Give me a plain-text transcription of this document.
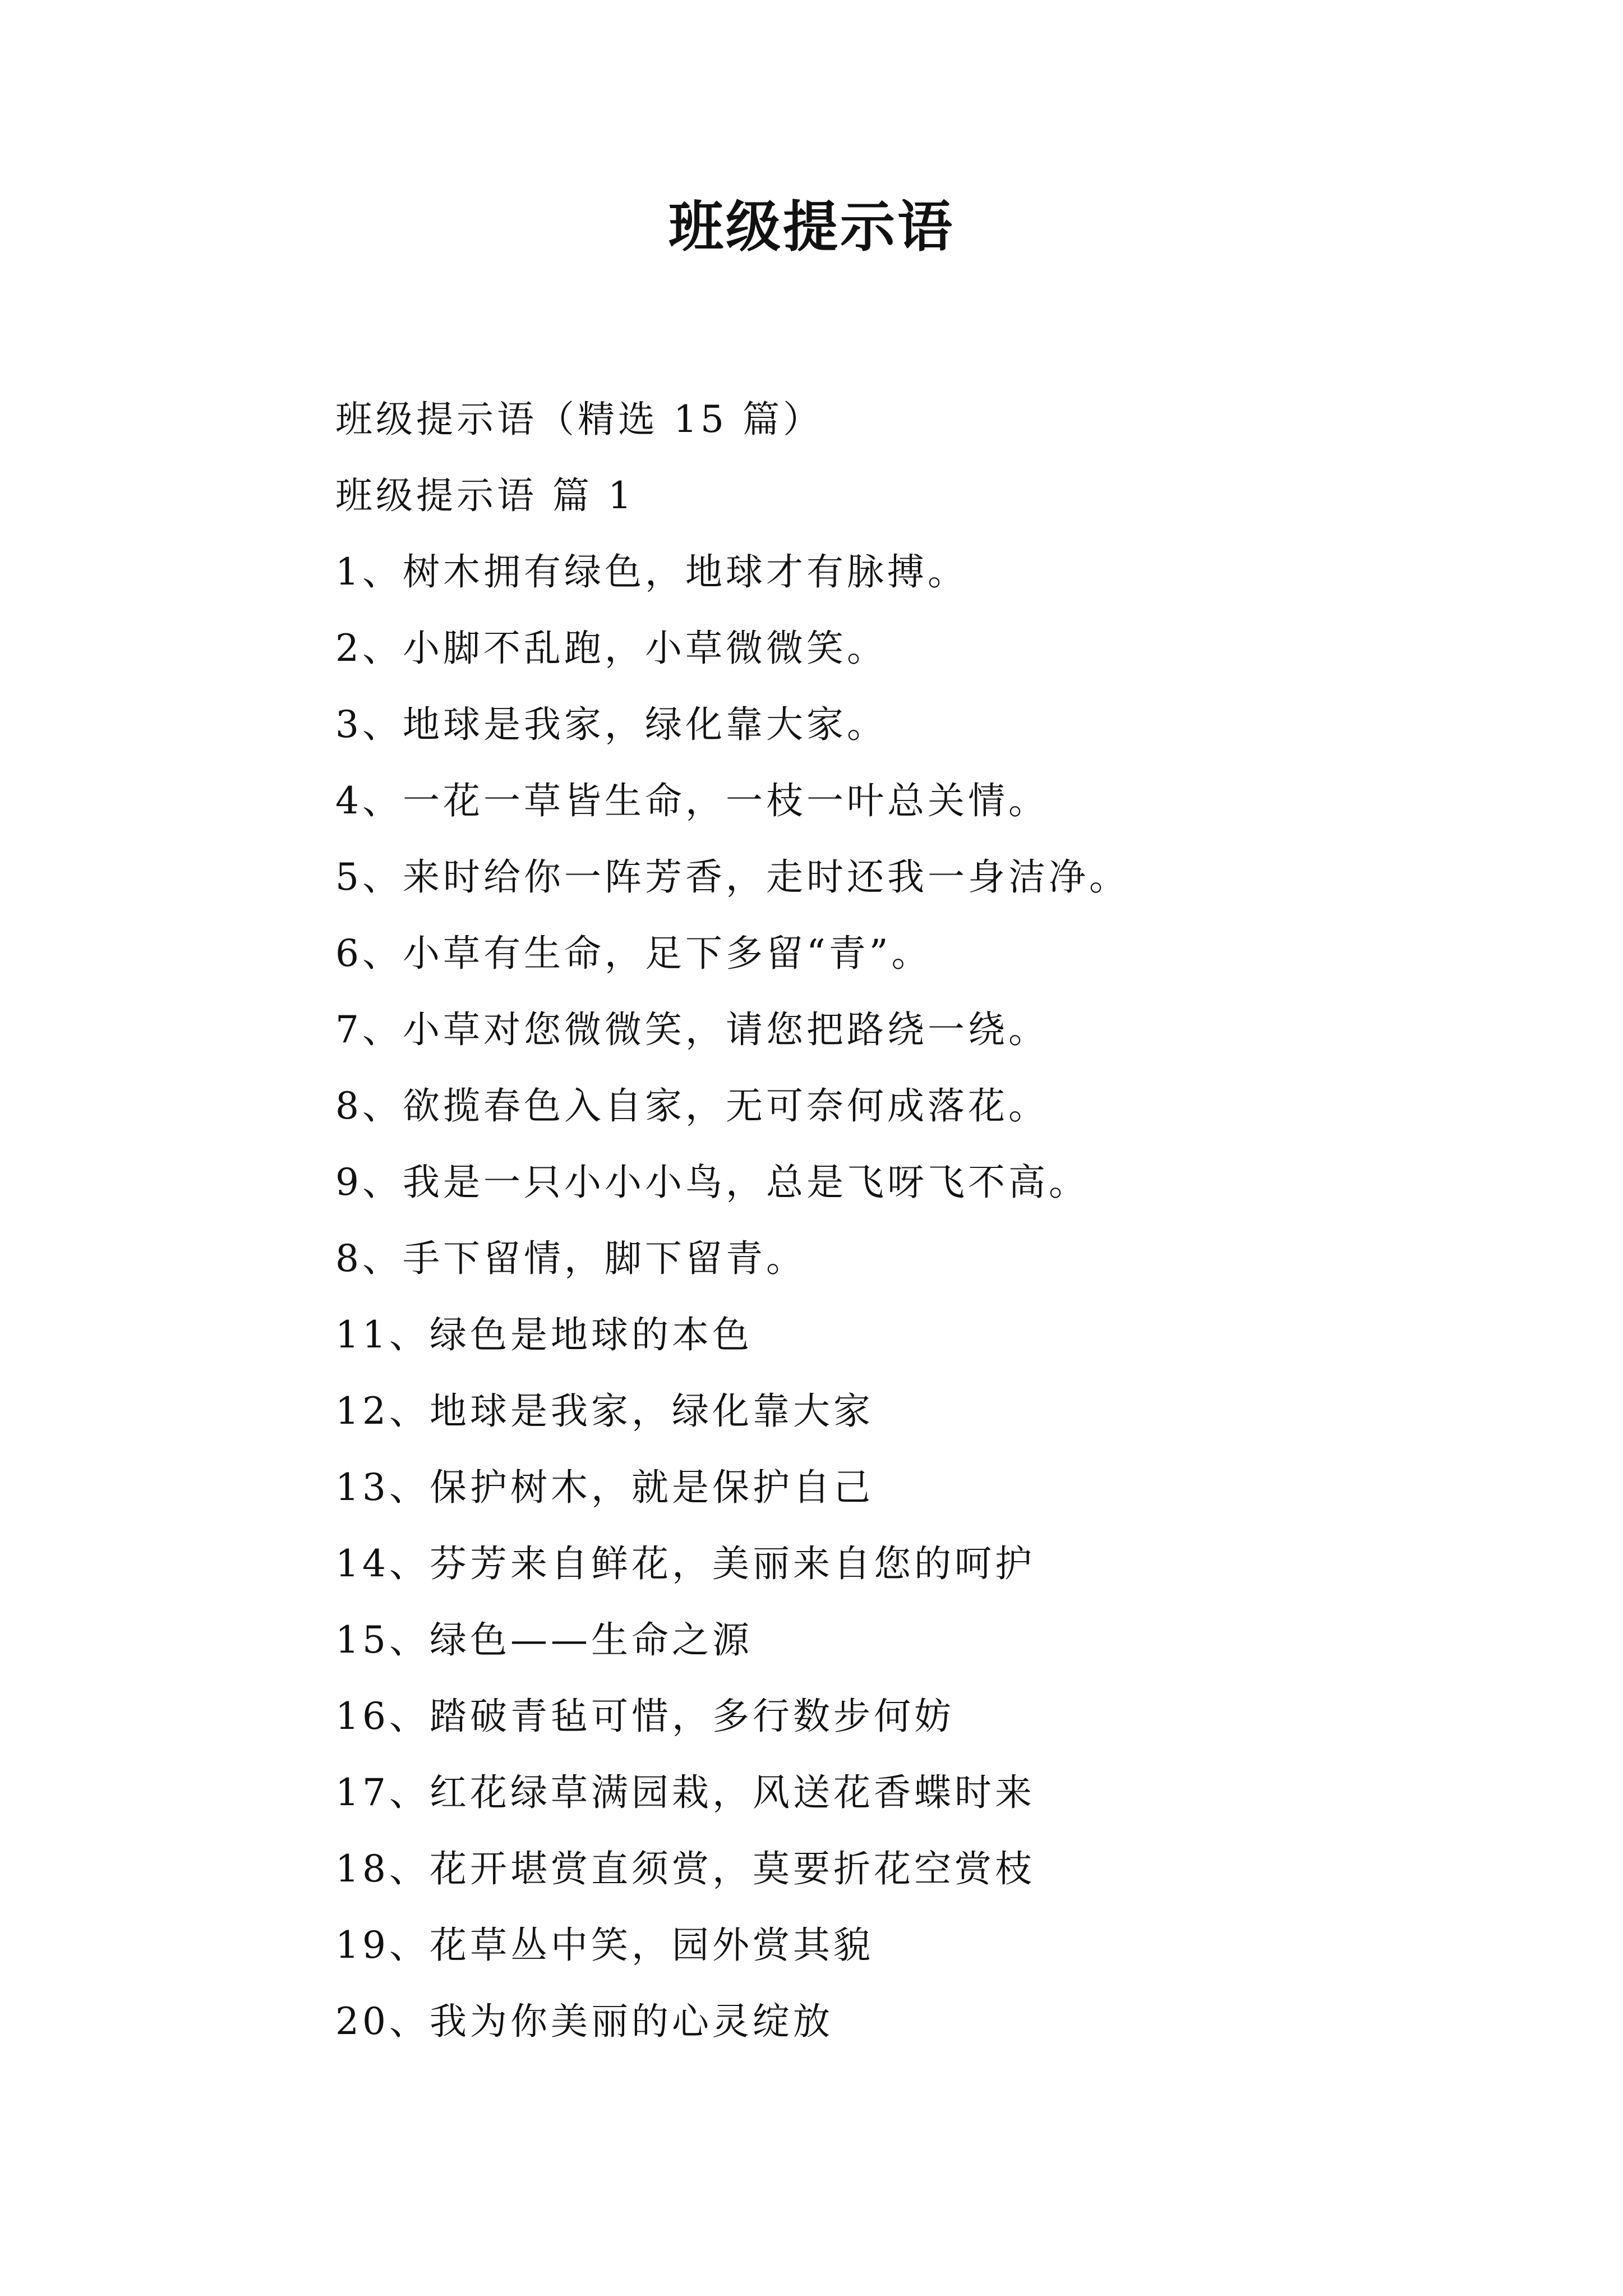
班级提示语
班级提示语（精选 15 篇）
班级提示语 篇 1
1、树木拥有绿色，地球才有脉搏。
2、小脚不乱跑，小草微微笑。
3、地球是我家，绿化靠大家。
4、一花一草皆生命，一枝一叶总关情。
5、来时给你一阵芳香，走时还我一身洁净。
6、小草有生命，足下多留“青”。
7、小草对您微微笑，请您把路绕一绕。
8、欲揽春色入自家，无可奈何成落花。
9、我是一只小小小鸟，总是飞呀飞不高。
8、手下留情，脚下留青。
11、绿色是地球的本色
12、地球是我家，绿化靠大家
13、保护树木，就是保护自己
14、芬芳来自鲜花，美丽来自您的呵护
15、绿色——生命之源
16、踏破青毡可惜，多行数步何妨
17、红花绿草满园栽，风送花香蝶时来
18、花开堪赏直须赏，莫要折花空赏枝
19、花草丛中笑，园外赏其貌
20、我为你美丽的心灵绽放
